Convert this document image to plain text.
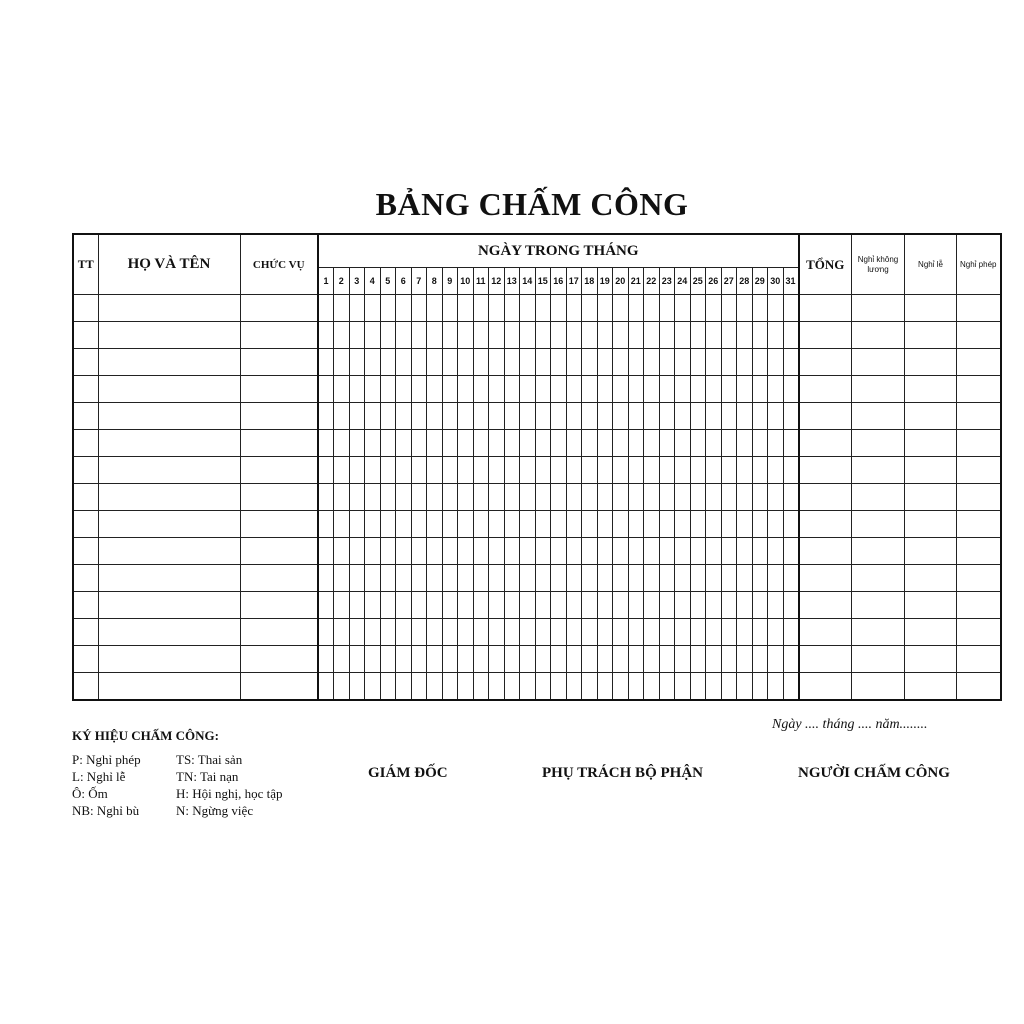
BẢNG CHẤM CÔNG
TT	HỌ VÀ TÊN	CHỨC VỤ	NGÀY TRONG THÁNG																															TỔNG	Nghỉ không lương	Nghỉ lễ	Nghỉ phép
			1	2	3	4	5	6	7	8	9	10	11	12	13	14	15	16	17	18	19	20	21	22	23	24	25	26	27	28	29	30	31				

KÝ HIỆU CHẤM CÔNG:
P: Nghỉ phép	TS: Thai sản
L: Nghỉ lễ	TN: Tai nạn
Ô: Ốm	H: Hội nghị, học tập
NB: Nghỉ bù	N: Ngừng việc
Ngày .... tháng .... năm........
GIÁM ĐỐC	PHỤ TRÁCH BỘ PHẬN	NGƯỜI CHẤM CÔNG
